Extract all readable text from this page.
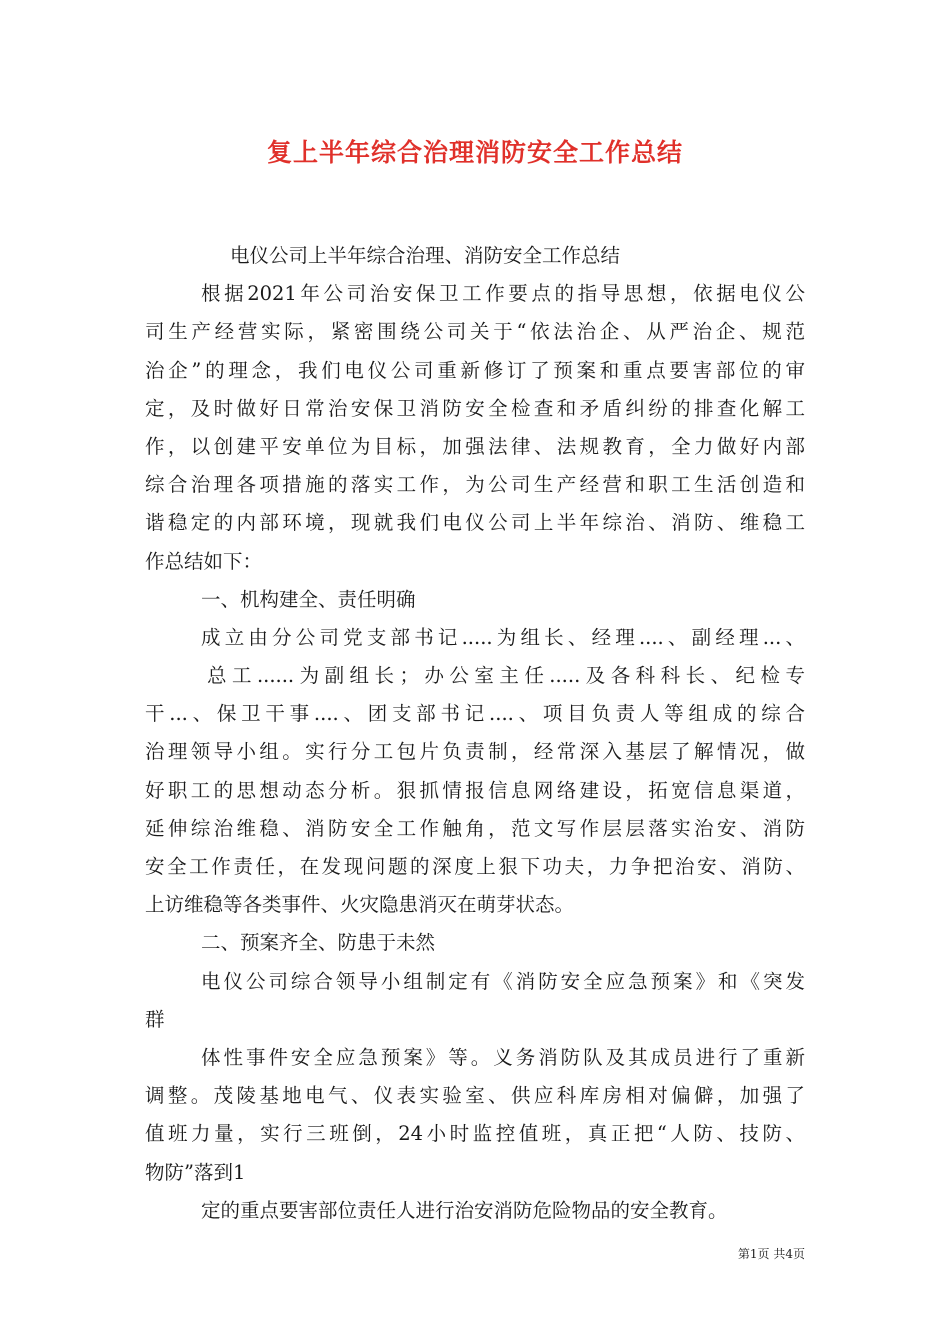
复上半年综合治理消防安全工作总结
电仪公司上半年综合治理、消防安全工作总结
根据2021年公司治安保卫工作要点的指导思想，依据电仪公
司生产经营实际，紧密围绕公司关于“依法治企、从严治企、规范
治企”的理念，我们电仪公司重新修订了预案和重点要害部位的审
定，及时做好日常治安保卫消防安全检查和矛盾纠纷的排查化解工
作，以创建平安单位为目标，加强法律、法规教育，全力做好内部
综合治理各项措施的落实工作，为公司生产经营和职工生活创造和
谐稳定的内部环境，现就我们电仪公司上半年综治、消防、维稳工
作总结如下：
一、机构建全、责任明确
成立由分公司党支部书记.....为组长、经理....、副经理...、
总工......为副组长；办公室主任.....及各科科长、纪检专
干...、保卫干事....、团支部书记....、项目负责人等组成的综合
治理领导小组。实行分工包片负责制，经常深入基层了解情况，做
好职工的思想动态分析。狠抓情报信息网络建设，拓宽信息渠道，
延伸综治维稳、消防安全工作触角，范文写作层层落实治安、消防
安全工作责任，在发现问题的深度上狠下功夫，力争把治安、消防、
上访维稳等各类事件、火灾隐患消灭在萌芽状态。
二、预案齐全、防患于未然
电仪公司综合领导小组制定有《消防安全应急预案》和《突发
群
体性事件安全应急预案》等。义务消防队及其成员进行了重新
调整。茂陵基地电气、仪表实验室、供应科库房相对偏僻，加强了
值班力量，实行三班倒，24小时监控值班，真正把“人防、技防、
物防”落到1
定的重点要害部位责任人进行治安消防危险物品的安全教育。
第1页 共4页
